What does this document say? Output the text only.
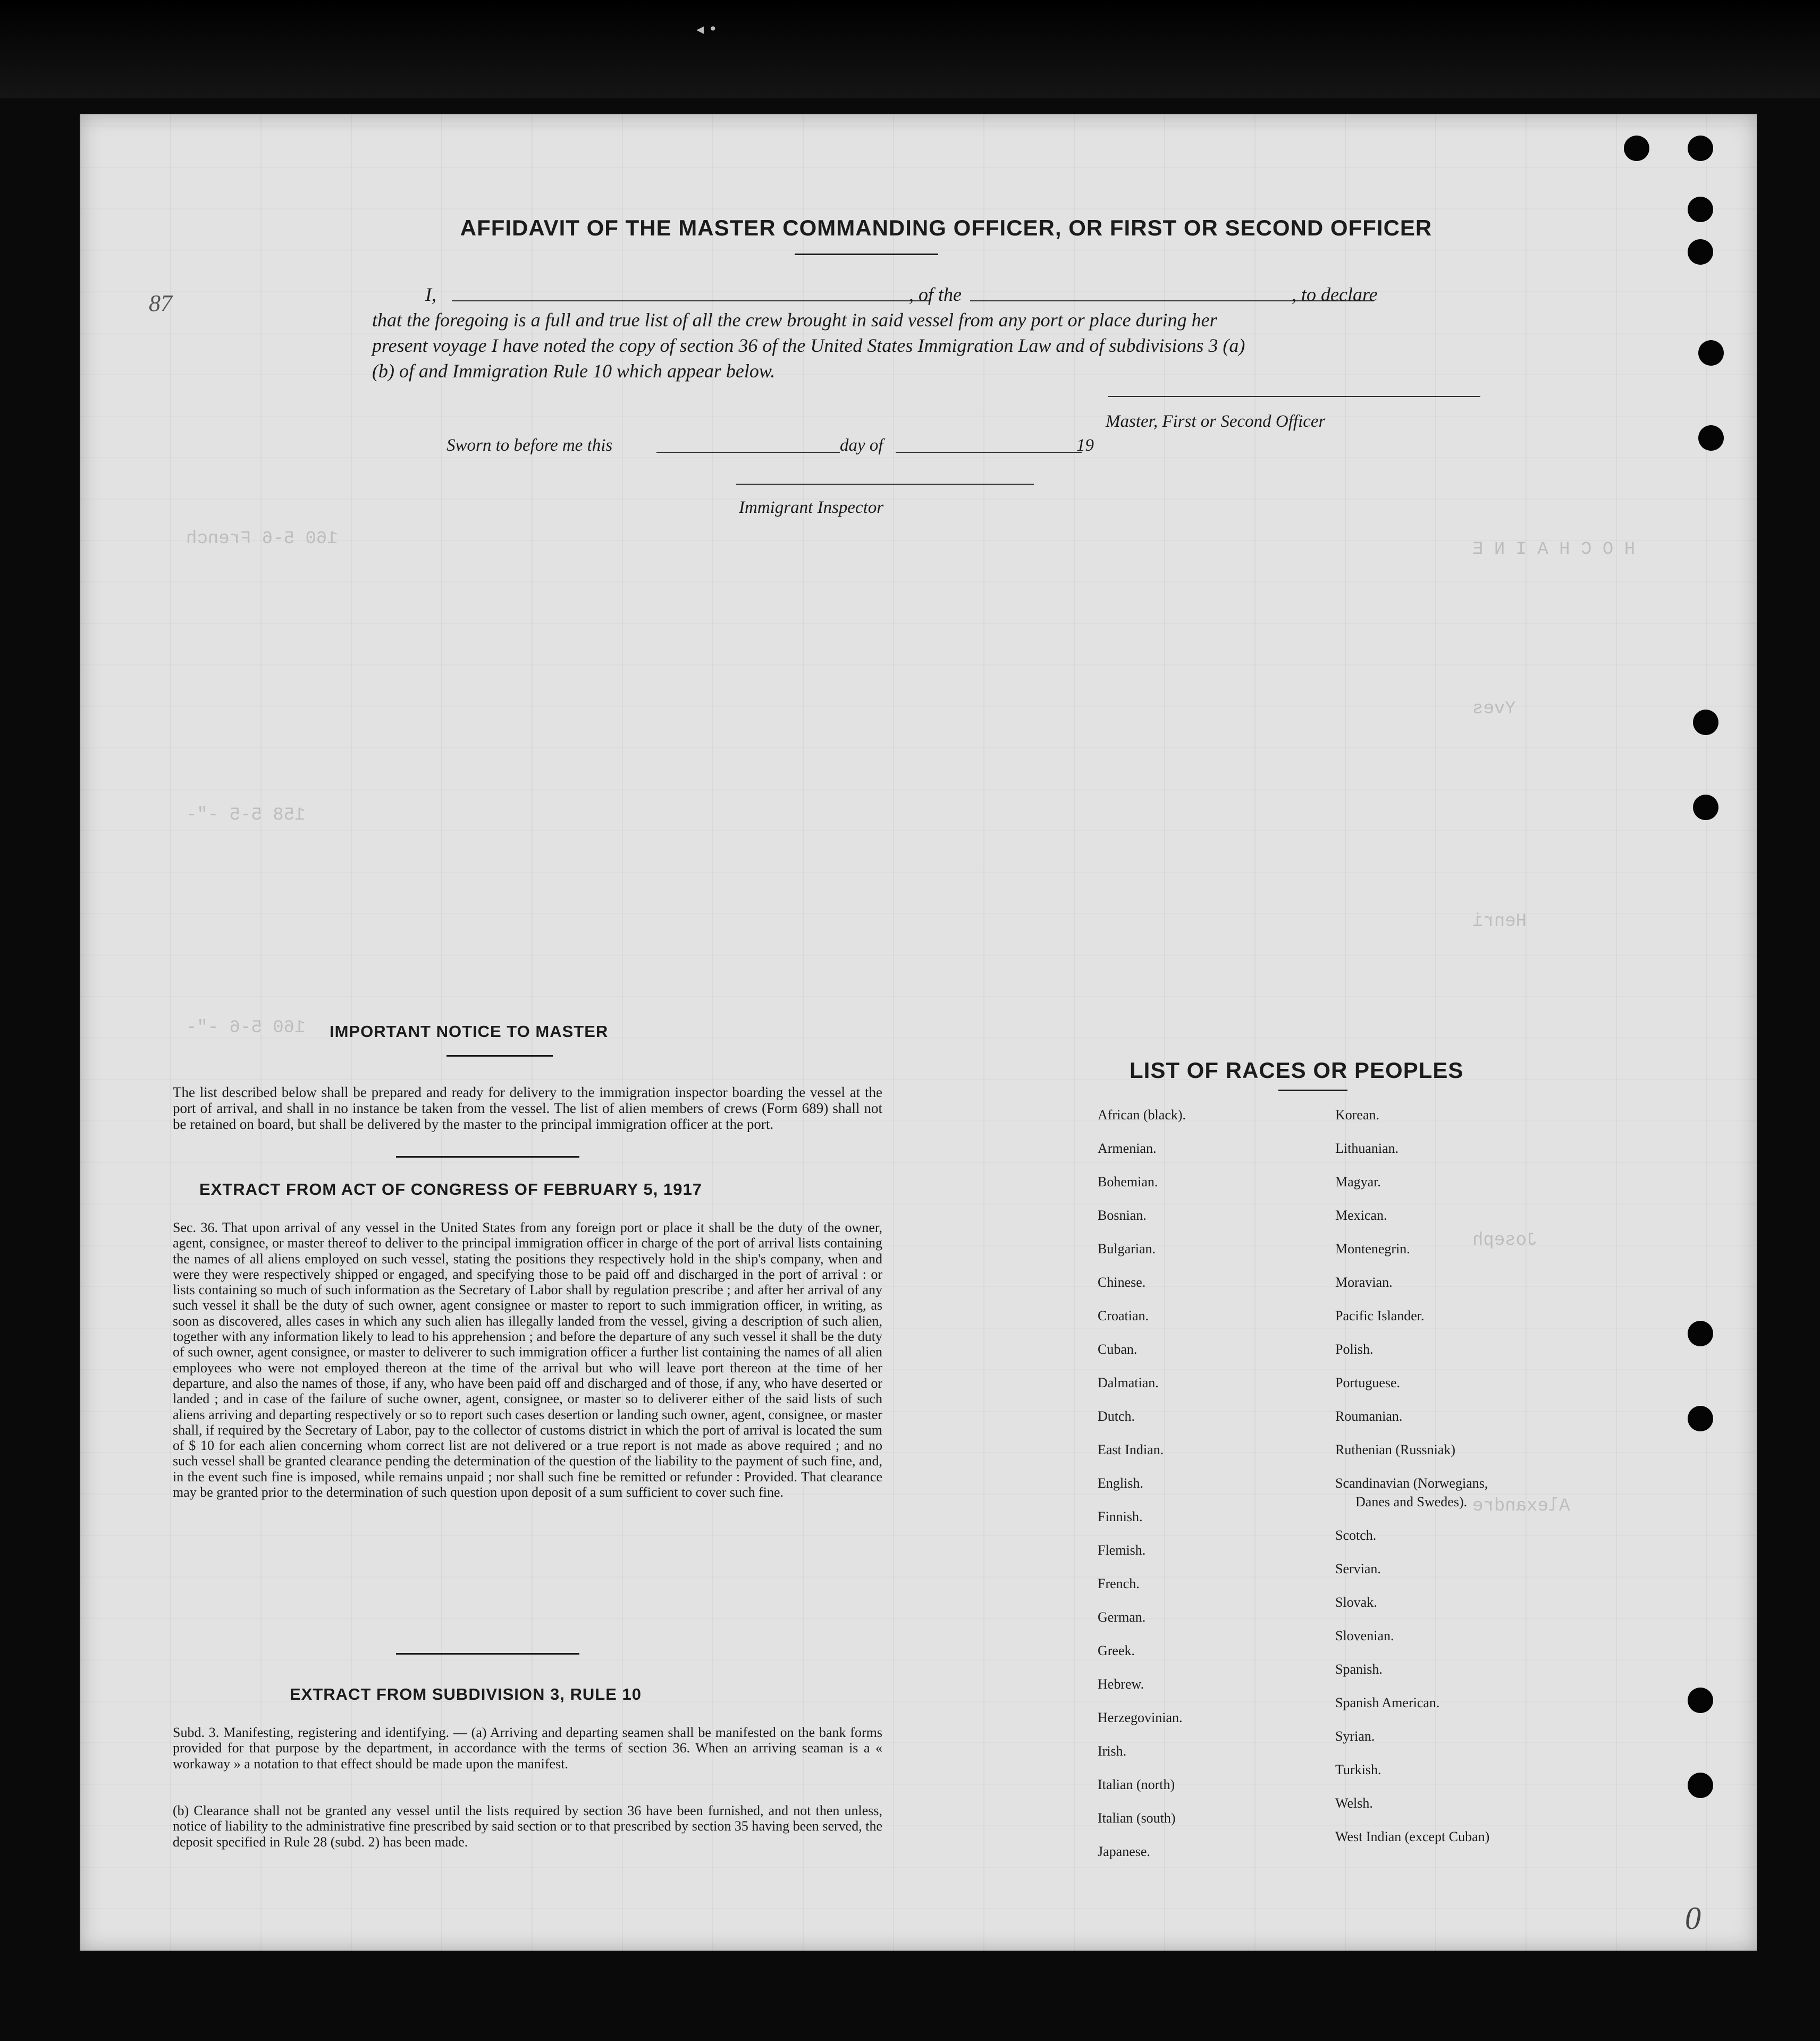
◂ •
H O C H A I N E
Yves
Henri
Joseph
Alexandre
160 5-6 French
158 5-5 -"-
160 5-6 -"-
87
0
AFFIDAVIT OF THE MASTER COMMANDING OFFICER, OR FIRST OR SECOND OFFICER
I,	, of the	, to declare
that the foregoing is a full and true list of all the crew brought in said vessel from any port or place during her
present voyage I have noted the copy of section 36 of the United States Immigration Law and of subdivisions 3 (a)
(b) of and Immigration Rule 10 which appear below.
Master, First or Second Officer
Sworn to before me this	day of	19
Immigrant Inspector
IMPORTANT NOTICE TO MASTER
The list described below shall be prepared and ready for delivery to the immigration inspector boarding the vessel at the port of arrival, and shall in no instance be taken from the vessel. The list of alien members of crews (Form 689) shall not be retained on board, but shall be delivered by the master to the principal immigration officer at the port.
EXTRACT FROM ACT OF CONGRESS OF FEBRUARY 5, 1917
Sec. 36. That upon arrival of any vessel in the United States from any foreign port or place it shall be the duty of the owner, agent, consignee, or master thereof to deliver to the principal immigration officer in charge of the port of arrival lists containing the names of all aliens employed on such vessel, stating the positions they respectively hold in the ship's company, when and were they were respectively shipped or engaged, and specifying those to be paid off and discharged in the port of arrival : or lists containing so much of such information as the Secretary of Labor shall by regulation prescribe ; and after her arrival of any such vessel it shall be the duty of such owner, agent consignee or master to report to such immigration officer, in writing, as soon as discovered, alles cases in which any such alien has illegally landed from the vessel, giving a description of such alien, together with any information likely to lead to his apprehension ; and before the departure of any such vessel it shall be the duty of such owner, agent consignee, or master to deliverer to such immigration officer a further list containing the names of all alien employees who were not employed thereon at the time of the arrival but who will leave port thereon at the time of her departure, and also the names of those, if any, who have been paid off and discharged and of those, if any, who have deserted or landed ; and in case of the failure of suche owner, agent, consignee, or master so to deliverer either of the said lists of such aliens arriving and departing respectively or so to report such cases desertion or landing such owner, agent, consignee, or master shall, if required by the Secretary of Labor, pay to the collector of customs district in which the port of arrival is located the sum of $ 10 for each alien concerning whom correct list are not delivered or a true report is not made as above required ; and no such vessel shall be granted clearance pending the determination of the question of the liability to the payment of such fine, and, in the event such fine is imposed, while remains unpaid ; nor shall such fine be remitted or refunder : Provided. That clearance may be granted prior to the determination of such question upon deposit of a sum sufficient to cover such fine.
EXTRACT FROM SUBDIVISION 3, RULE 10
Subd. 3. Manifesting, registering and identifying. — (a) Arriving and departing seamen shall be manifested on the bank forms provided for that purpose by the department, in accordance with the terms of section 36. When an arriving seaman is a « workaway » a notation to that effect should be made upon the manifest.
(b) Clearance shall not be granted any vessel until the lists required by section 36 have been furnished, and not then unless, notice of liability to the administrative fine prescribed by said section or to that prescribed by section 35 having been served, the deposit specified in Rule 28 (subd. 2) has been made.
LIST OF RACES OR PEOPLES
African (black).
Armenian.
Bohemian.
Bosnian.
Bulgarian.
Chinese.
Croatian.
Cuban.
Dalmatian.
Dutch.
East Indian.
English.
Finnish.
Flemish.
French.
German.
Greek.
Hebrew.
Herzegovinian.
Irish.
Italian (north)
Italian (south)
Japanese.
Korean.
Lithuanian.
Magyar.
Mexican.
Montenegrin.
Moravian.
Pacific Islander.
Polish.
Portuguese.
Roumanian.
Ruthenian (Russniak)
Scandinavian (Norwegians,
Danes and Swedes).
Scotch.
Servian.
Slovak.
Slovenian.
Spanish.
Spanish American.
Syrian.
Turkish.
Welsh.
West Indian (except Cuban)
